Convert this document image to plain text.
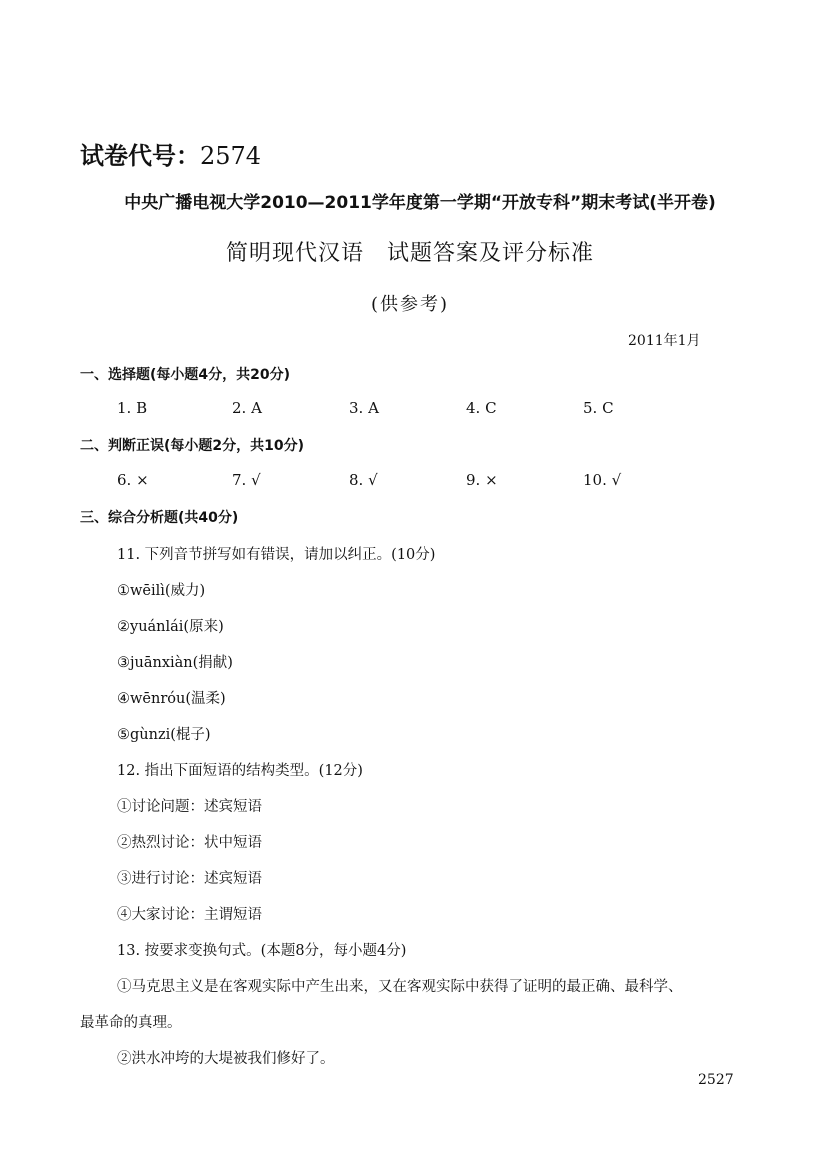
试卷代号：2574
中央广播电视大学2010—2011学年度第一学期“开放专科”期末考试(半开卷)
简明现代汉语　试题答案及评分标准
(供参考)
2011年1月
一、选择题(每小题4分，共20分)
1. B	2. A	3. A	4. C	5. C
二、判断正误(每小题2分，共10分)
6. ×	7. √	8. √	9. ×	10. √
三、综合分析题(共40分)
11. 下列音节拼写如有错误，请加以纠正。(10分)
①wēilì(威力)
②yuánlái(原来)
③juānxiàn(捐献)
④wēnróu(温柔)
⑤gùnzi(棍子)
12. 指出下面短语的结构类型。(12分)
①讨论问题：述宾短语
②热烈讨论：状中短语
③进行讨论：述宾短语
④大家讨论：主谓短语
13. 按要求变换句式。(本题8分，每小题4分)
①马克思主义是在客观实际中产生出来，又在客观实际中获得了证明的最正确、最科学、
最革命的真理。
②洪水冲垮的大堤被我们修好了。
2527
